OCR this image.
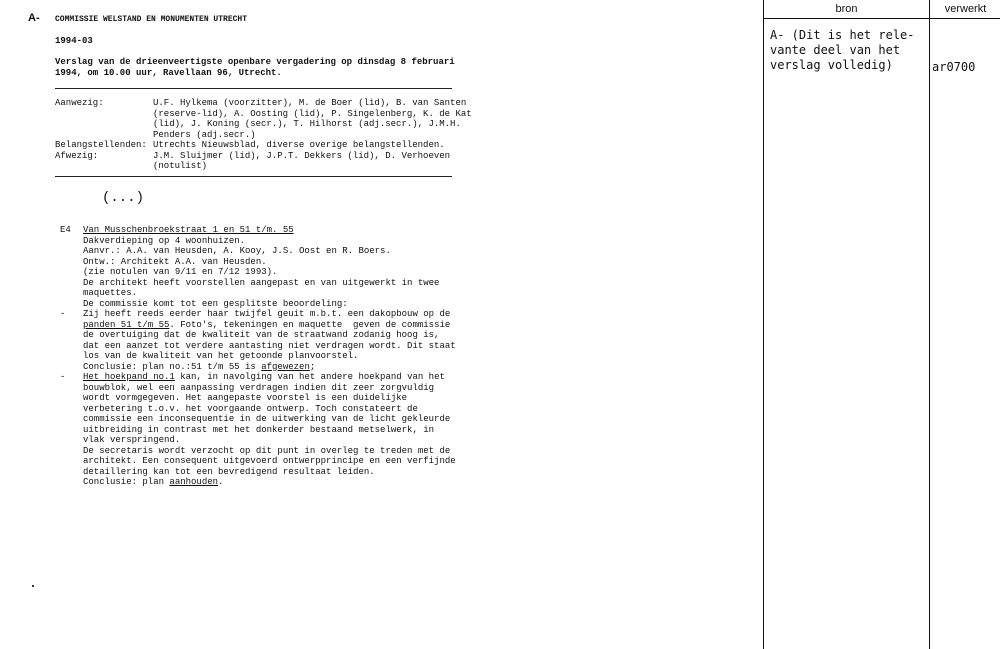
A- COMMISSIE WELSTAND EN MONUMENTEN UTRECHT
1994-03
Verslag van de drieenveertigste openbare vergadering op dinsdag 8 februari
1994, om 10.00 uur, Ravellaan 96, Utrecht.
Aanwezig:	U.F. Hylkema (voorzitter), M. de Boer (lid), B. van Santen
(reserve-lid), A. Oosting (lid), P. Singelenberg, K. de Kat
(lid), J. Koning (secr.), T. Hilhorst (adj.secr.), J.M.H.
Penders (adj.secr.)
Belangstellenden: Utrechts Nieuwsblad, diverse overige belangstellenden.
Afwezig:	J.M. Sluijmer (lid), J.P.T. Dekkers (lid), D. Verhoeven
(notulist)
(...)
E4 Van Musschenbroekstraat 1 en 51 t/m. 55
Dakverdieping op 4 woonhuizen.
Aanvr.: A.A. van Heusden, A. Kooy, J.S. Oost en R. Boers.
Ontw.: Architekt A.A. van Heusden.
(zie notulen van 9/11 en 7/12 1993).
De architekt heeft voorstellen aangepast en van uitgewerkt in twee
maquettes.
De commissie komt tot een gesplitste beoordeling:
- Zij heeft reeds eerder haar twijfel geuit m.b.t. een dakopbouw op de
panden 51 t/m 55. Foto's, tekeningen en maquette  geven de commissie
de overtuiging dat de kwaliteit van de straatwand zodanig hoog is,
dat een aanzet tot verdere aantasting niet verdragen wordt. Dit staat
los van de kwaliteit van het getoonde planvoorstel.
Conclusie: plan no.:51 t/m 55 is afgewezen;
- Het hoekpand no.1 kan, in navolging van het andere hoekpand van het
bouwblok, wel een aanpassing verdragen indien dit zeer zorgvuldig
wordt vormgegeven. Het aangepaste voorstel is een duidelijke
verbetering t.o.v. het voorgaande ontwerp. Toch constateert de
commissie een inconsequentie in de uitwerking van de licht gekleurde
uitbreiding in contrast met het donkerder bestaand metselwerk, in
vlak verspringend.
De secretaris wordt verzocht op dit punt in overleg te treden met de
architekt. Een consequent uitgevoerd ontwerpprincipe en een verfijnde
detaillering kan tot een bevredigend resultaat leiden.
Conclusie: plan aanhouden.
bron
A- (Dit is het rele-
vante deel van het
verslag volledig)
verwerkt
ar0700
